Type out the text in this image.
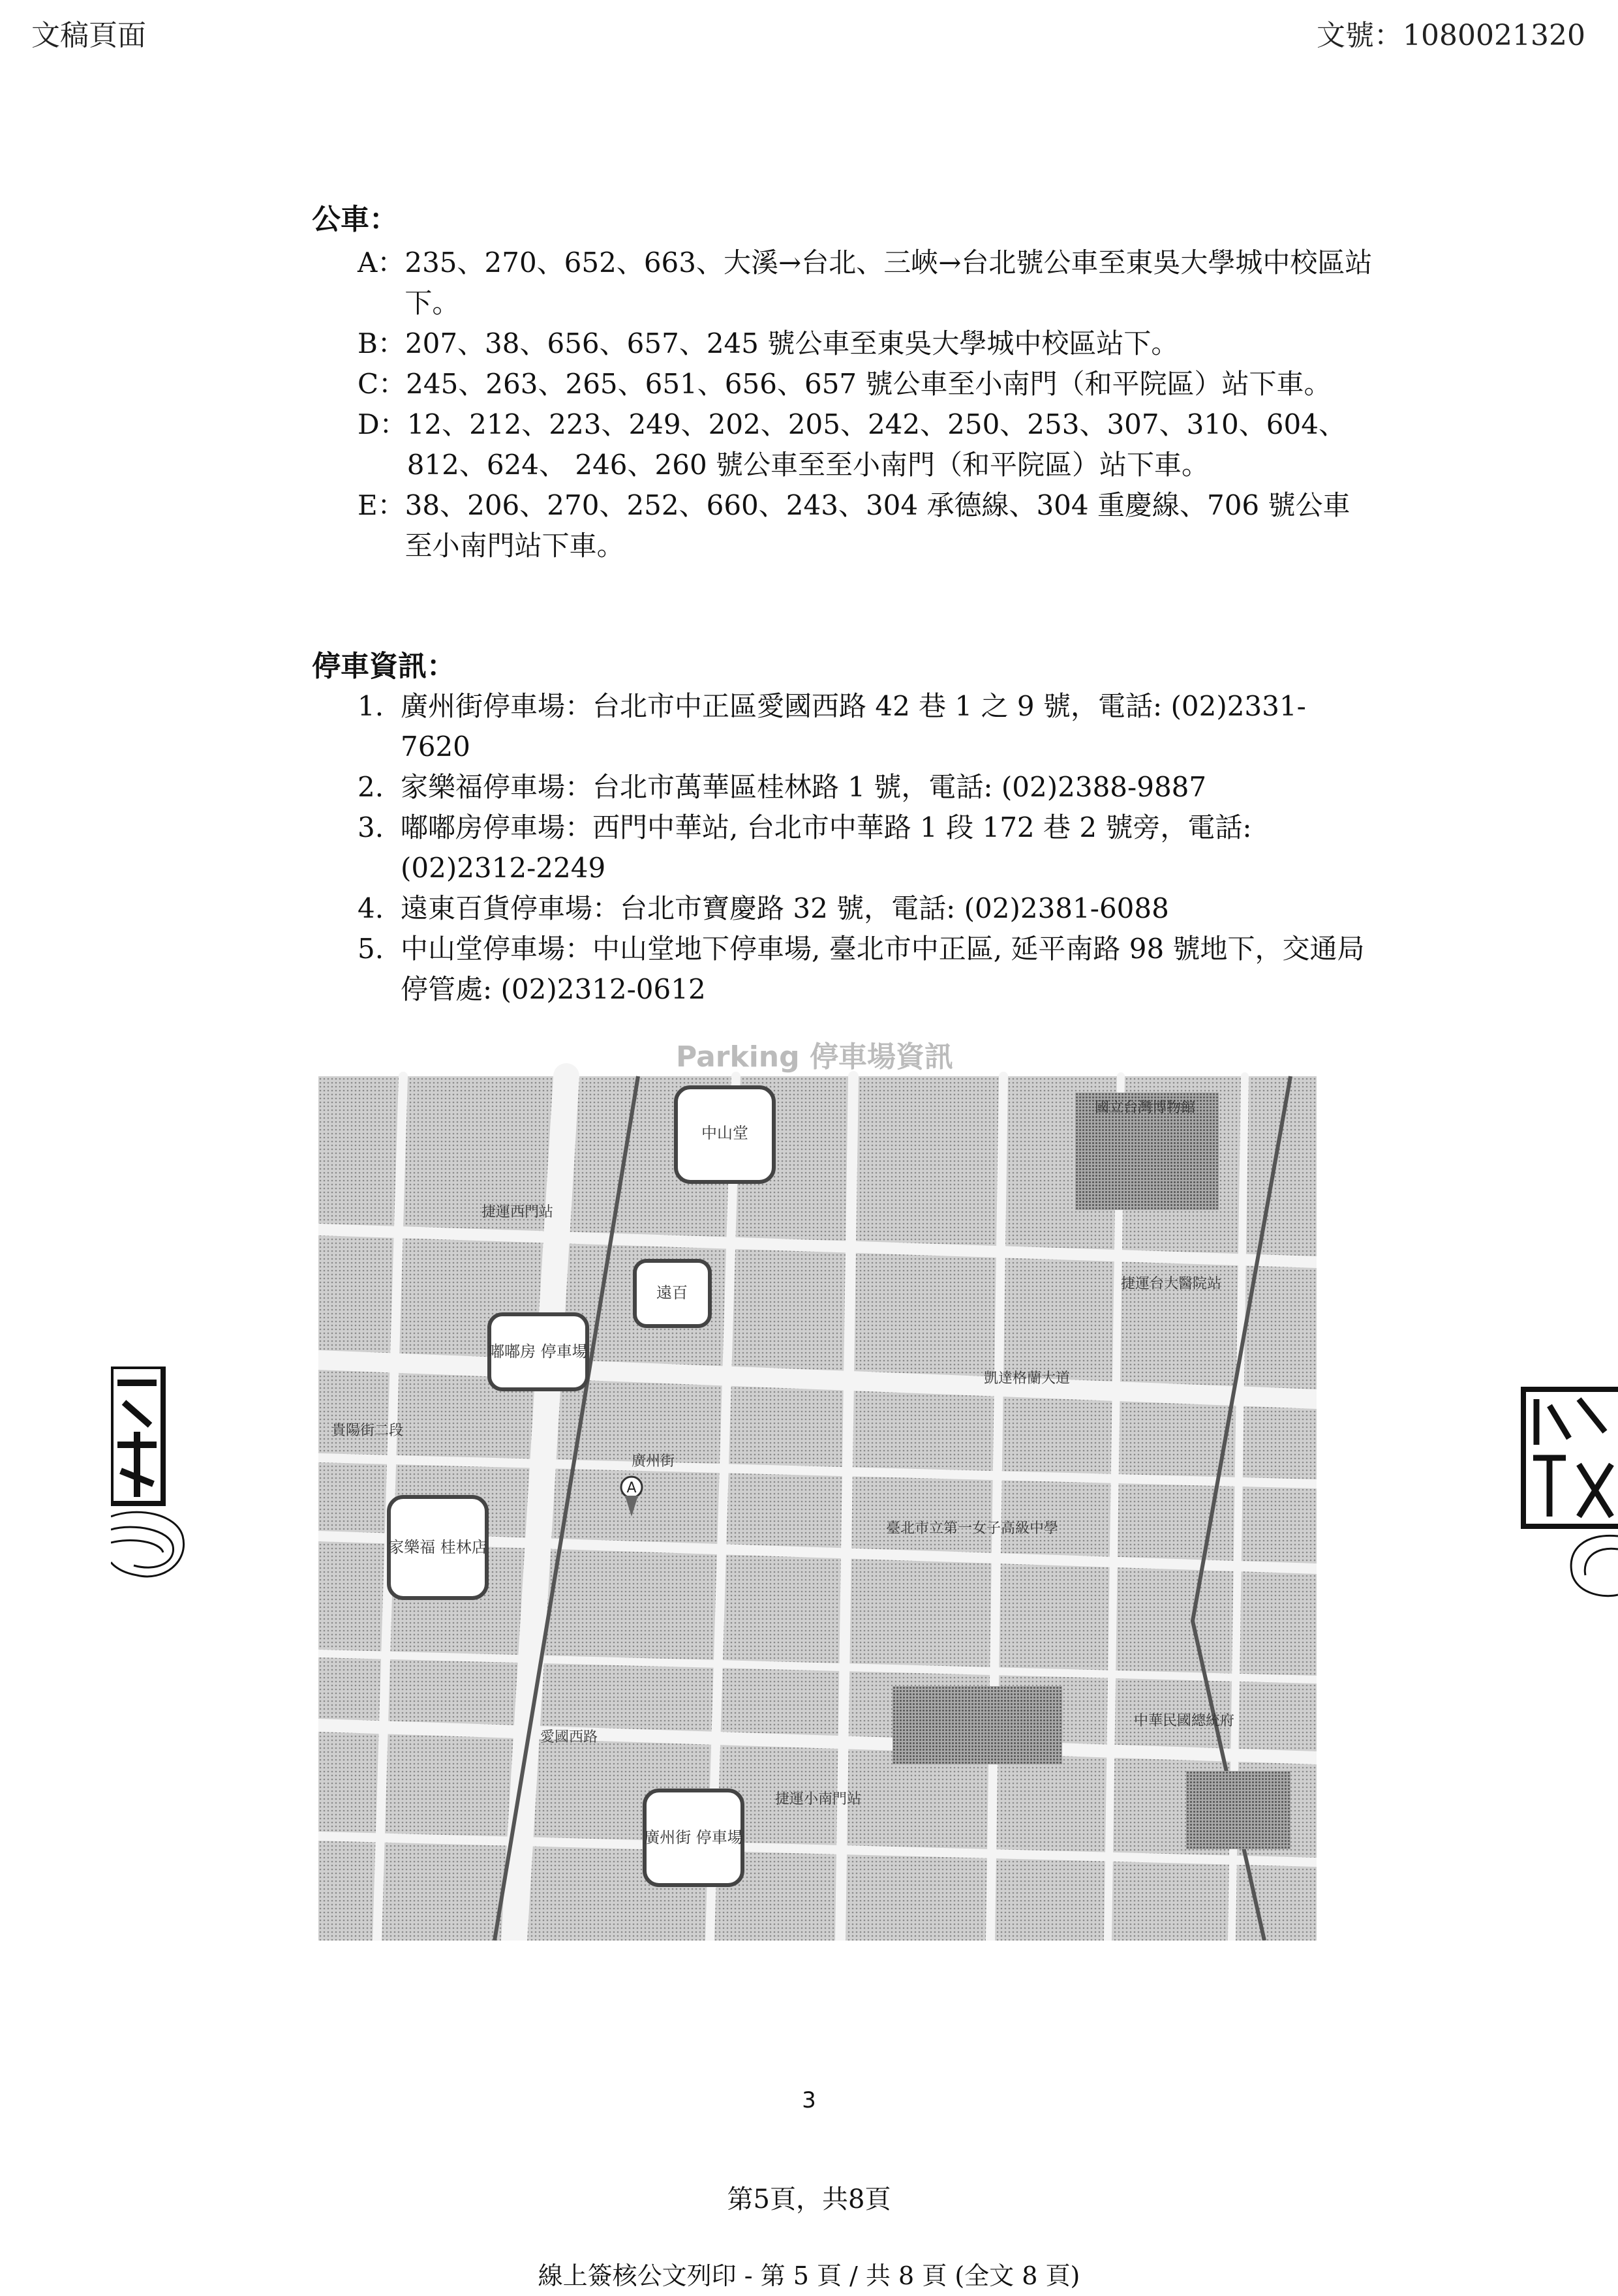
文稿頁面	文號：1080021320
公車：
A： 235、270、652、663、大溪→台北、三峽→台北號公車至東吳大學城中校區站下。
B： 207、38、656、657、245 號公車至東吳大學城中校區站下。
C： 245、263、265、651、656、657 號公車至小南門（和平院區）站下車。
D： 12、212、223、249、202、205、242、250、253、307、310、604、812、624、 246、260 號公車至至小南門（和平院區）站下車。
E： 38、206、270、252、660、243、304 承德線、304 重慶線、706 號公車至小南門站下車。
停車資訊：
1. 廣州街停車場：台北市中正區愛國西路 42 巷 1 之 9 號，電話: (02)2331-7620
2. 家樂福停車場：台北市萬華區桂林路 1 號，電話: (02)2388-9887
3. 嘟嘟房停車場：西門中華站, 台北市中華路 1 段 172 巷 2 號旁，電話: (02)2312-2249
4. 遠東百貨停車場：台北市寶慶路 32 號，電話: (02)2381-6088
5. 中山堂停車場：中山堂地下停車場, 臺北市中正區, 延平南路 98 號地下，交通局停管處: (02)2312-0612
Parking 停車場資訊
中山堂
遠百
嘟嘟房 停車場
家樂福 桂林店
廣州街 停車場
A
捷運西門站
捷運台大醫院站
貴陽街二段
廣州街
愛國西路
捷運小南門站
凱達格蘭大道
臺北市立第一女子高級中學
國立台灣博物館
中華民國總統府
3
第5頁，共8頁
線上簽核公文列印 - 第 5 頁 / 共 8 頁 (全文 8 頁)
